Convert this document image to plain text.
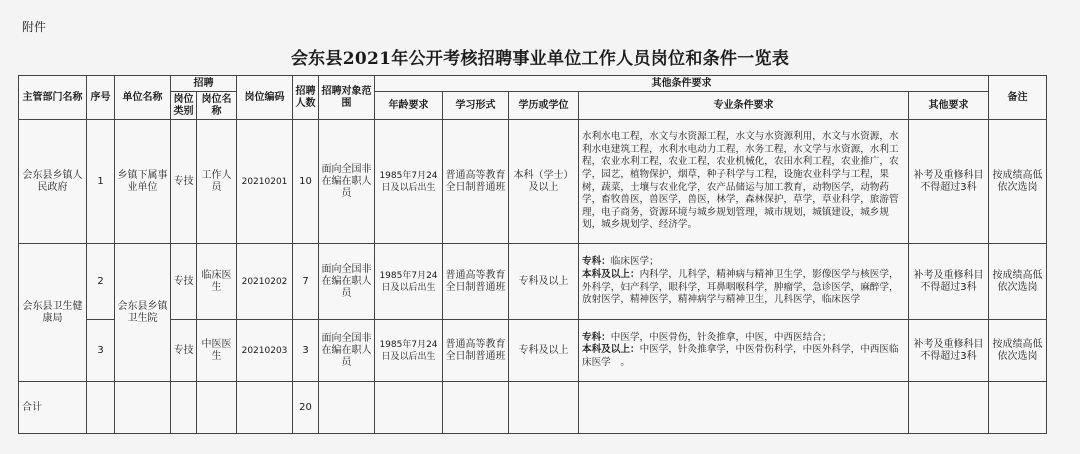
附件
会东县2021年公开考核招聘事业单位工作人员岗位和条件一览表
主管部门名称	序号	单位名称	招聘		岗位编码	招聘人数	招聘对象范围	其他条件要求					备注
			岗位类别	岗位名称				年龄要求	学习形式	学历或学位	专业条件要求	其他要求	
会东县乡镇人民政府	1	乡镇下属事业单位	专技	工作人员	20210201	10	面向全国非在编在职人员	1985年7月24日及以后出生	普通高等教育全日制普通班	本科（学士）及以上	水利水电工程，水文与水资源工程，水文与水资源利用，水文与水资源，水利水电建筑工程，水利水电动力工程，水务工程，水文学与水资源，水利工程，农业水利工程，农业工程，农业机械化，农田水利工程，农业推广，农学，园艺，植物保护，烟草，种子科学与工程，设施农业科学与工程，果树，蔬菜，土壤与农业化学，农产品储运与加工教育，动物医学，动物药学，畜牧兽医，兽医学，兽医，林学，森林保护，草学，草业科学，旅游管理，电子商务，资源环境与城乡规划管理，城市规划，城镇建设，城乡规划，城乡规划学、经济学。	补考及重修科目不得超过3科	按成绩高低依次选岗
会东县卫生健康局	2	会东县乡镇卫生院	专技	临床医生	20210202	7	面向全国非在编在职人员	1985年7月24日及以后出生	普通高等教育全日制普通班	专科及以上	专科：临床医学；
本科及以上：内科学，儿科学，精神病与精神卫生学，影像医学与核医学，外科学，妇产科学，眼科学，耳鼻咽喉科学，肿瘤学，急诊医学，麻醉学，放射医学，精神医学，精神病学与精神卫生，儿科医学，临床医学	补考及重修科目不得超过3科	按成绩高低依次选岗
	3		专技	中医医生	20210203	3	面向全国非在编在职人员	1985年7月24日及以后出生	普通高等教育全日制普通班	专科及以上	专科：中医学，中医骨伤，针灸推拿，中医，中西医结合；
本科及以上：中医学，针灸推拿学，中医骨伤科学，中医外科学，中西医临床医学　。	补考及重修科目不得超过3科	按成绩高低依次选岗
合计						20							
